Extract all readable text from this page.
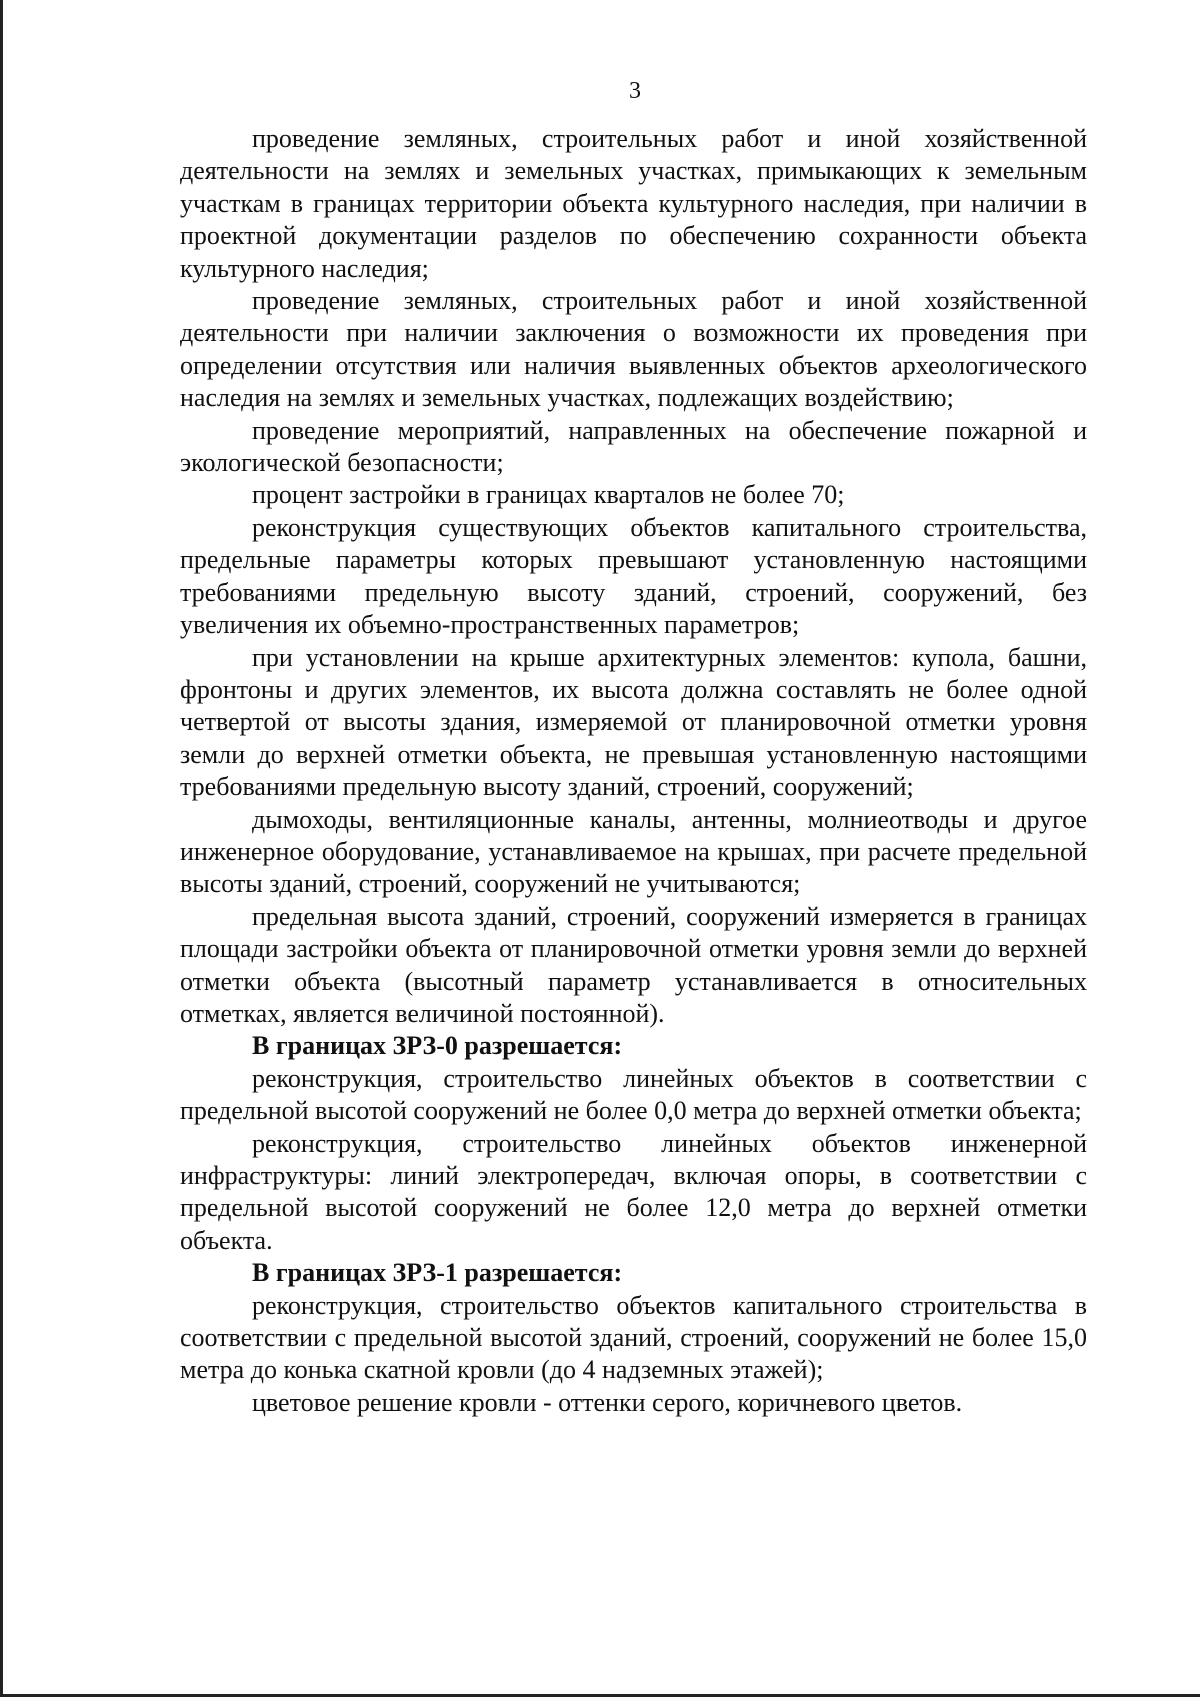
3

проведение земляных, строительных работ и иной хозяйственной деятельности на землях и земельных участках, примыкающих к земельным участкам в границах территории объекта культурного наследия, при наличии в проектной документации разделов по обеспечению сохранности объекта культурного наследия;

проведение земляных, строительных работ и иной хозяйственной деятельности при наличии заключения о возможности их проведения при определении отсутствия или наличия выявленных объектов археологического наследия на землях и земельных участках, подлежащих воздействию;

проведение мероприятий, направленных на обеспечение пожарной и экологической безопасности;

процент застройки в границах кварталов не более 70;

реконструкция существующих объектов капитального строительства, предельные параметры которых превышают установленную настоящими требованиями предельную высоту зданий, строений, сооружений, без увеличения их объемно-пространственных параметров;

при установлении на крыше архитектурных элементов: купола, башни, фронтоны и других элементов, их высота должна составлять не более одной четвертой от высоты здания, измеряемой от планировочной отметки уровня земли до верхней отметки объекта, не превышая установленную настоящими требованиями предельную высоту зданий, строений, сооружений;

дымоходы, вентиляционные каналы, антенны, молниеотводы и другое инженерное оборудование, устанавливаемое на крышах, при расчете предельной высоты зданий, строений, сооружений не учитываются;

предельная высота зданий, строений, сооружений измеряется в границах площади застройки объекта от планировочной отметки уровня земли до верхней отметки объекта (высотный параметр устанавливается в относительных отметках, является величиной постоянной).

В границах ЗРЗ-0 разрешается:

реконструкция, строительство линейных объектов в соответствии с предельной высотой сооружений не более 0,0 метра до верхней отметки объекта;

реконструкция, строительство линейных объектов инженерной инфраструктуры: линий электропередач, включая опоры, в соответствии с предельной высотой сооружений не более 12,0 метра до верхней отметки объекта.

В границах ЗРЗ-1 разрешается:

реконструкция, строительство объектов капитального строительства в соответствии с предельной высотой зданий, строений, сооружений не более 15,0 метра до конька скатной кровли (до 4 надземных этажей);

цветовое решение кровли - оттенки серого, коричневого цветов.
